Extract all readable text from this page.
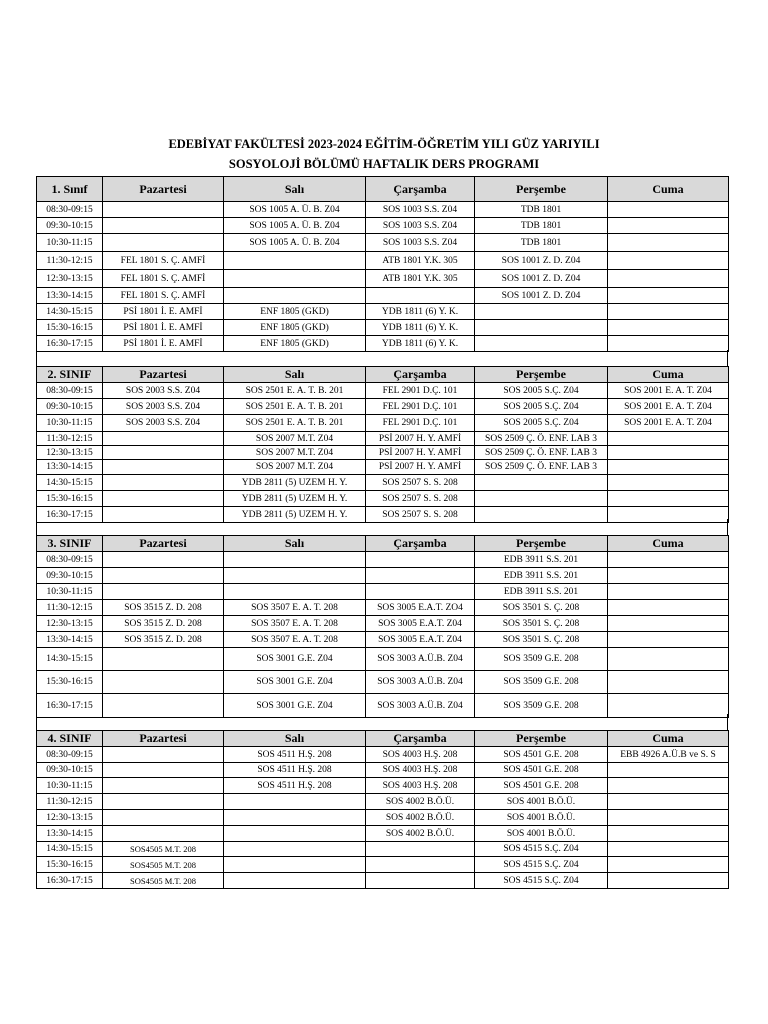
EDEBİYAT FAKÜLTESİ 2023-2024 EĞİTİM-ÖĞRETİM YILI GÜZ YARIYILI
SOSYOLOJİ BÖLÜMÜ HAFTALIK DERS PROGRAMI
1. Sınıf	Pazartesi	Salı	Çarşamba	Perşembe	Cuma
08:30-09:15		SOS 1005 A. Ü. B. Z04	SOS 1003 S.S. Z04	TDB 1801	
09:30-10:15		SOS 1005 A. Ü. B. Z04	SOS 1003 S.S. Z04	TDB 1801	
10:30-11:15		SOS 1005 A. Ü. B. Z04	SOS 1003 S.S. Z04	TDB 1801	
11:30-12:15	FEL 1801 S. Ç. AMFİ		ATB 1801 Y.K. 305	SOS 1001 Z. D. Z04	
12:30-13:15	FEL 1801 S. Ç. AMFİ		ATB 1801 Y.K. 305	SOS 1001 Z. D. Z04	
13:30-14:15	FEL 1801 S. Ç. AMFİ			SOS 1001 Z. D. Z04	
14:30-15:15	PSİ 1801 İ. E. AMFİ	ENF 1805 (GKD)	YDB 1811 (6) Y. K.		
15:30-16:15	PSİ 1801 İ. E. AMFİ	ENF 1805 (GKD)	YDB 1811 (6) Y. K.		
16:30-17:15	PSİ 1801 İ. E. AMFİ	ENF 1805 (GKD)	YDB 1811 (6) Y. K.		
2. SINIF	Pazartesi	Salı	Çarşamba	Perşembe	Cuma
08:30-09:15	SOS 2003 S.S. Z04	SOS 2501 E. A. T. B. 201	FEL 2901 D.Ç. 101	SOS 2005 S.Ç. Z04	SOS 2001 E. A. T. Z04
09:30-10:15	SOS 2003 S.S. Z04	SOS 2501 E. A. T. B. 201	FEL 2901 D.Ç. 101	SOS 2005 S.Ç. Z04	SOS 2001 E. A. T. Z04
10:30-11:15	SOS 2003 S.S. Z04	SOS 2501 E. A. T. B. 201	FEL 2901 D.Ç. 101	SOS 2005 S.Ç. Z04	SOS 2001 E. A. T. Z04
11:30-12:15		SOS 2007 M.T. Z04	PSİ 2007 H. Y. AMFİ	SOS 2509 Ç. Ö. ENF. LAB 3	
12:30-13:15		SOS 2007 M.T. Z04	PSİ 2007 H. Y. AMFİ	SOS 2509 Ç. Ö. ENF. LAB 3	
13:30-14:15		SOS 2007 M.T. Z04	PSİ 2007 H. Y. AMFİ	SOS 2509 Ç. Ö. ENF. LAB 3	
14:30-15:15		YDB 2811 (5) UZEM H. Y.	SOS 2507 S. S. 208		
15:30-16:15		YDB 2811 (5) UZEM H. Y.	SOS 2507 S. S. 208		
16:30-17:15		YDB 2811 (5) UZEM H. Y.	SOS 2507 S. S. 208		
3. SINIF	Pazartesi	Salı	Çarşamba	Perşembe	Cuma
08:30-09:15				EDB 3911 S.S. 201	
09:30-10:15				EDB 3911 S.S. 201	
10:30-11:15				EDB 3911 S.S. 201	
11:30-12:15	SOS 3515 Z. D. 208	SOS 3507 E. A. T. 208	SOS 3005 E.A.T. ZO4	SOS 3501 S. Ç. 208	
12:30-13:15	SOS 3515 Z. D. 208	SOS 3507 E. A. T. 208	SOS 3005 E.A.T. Z04	SOS 3501 S. Ç. 208	
13:30-14:15	SOS 3515 Z. D. 208	SOS 3507 E. A. T. 208	SOS 3005 E.A.T. Z04	SOS 3501 S. Ç. 208	
14:30-15:15		SOS 3001 G.E. Z04	SOS 3003 A.Ü.B. Z04	SOS 3509 G.E. 208	
15:30-16:15		SOS 3001 G.E. Z04	SOS 3003 A.Ü.B. Z04	SOS 3509 G.E. 208	
16:30-17:15		SOS 3001 G.E. Z04	SOS 3003 A.Ü.B. Z04	SOS 3509 G.E. 208	
4. SINIF	Pazartesi	Salı	Çarşamba	Perşembe	Cuma
08:30-09:15		SOS 4511 H.Ş. 208	SOS 4003 H.Ş. 208	SOS 4501 G.E. 208	EBB 4926 A.Ü.B ve S. S
09:30-10:15		SOS 4511 H.Ş. 208	SOS 4003 H.Ş. 208	SOS 4501 G.E. 208	
10:30-11:15		SOS 4511 H.Ş. 208	SOS 4003 H.Ş. 208	SOS 4501 G.E. 208	
11:30-12:15			SOS 4002 B.Ö.Ü.	SOS 4001 B.Ö.Ü.	
12:30-13:15			SOS 4002 B.Ö.Ü.	SOS 4001 B.Ö.Ü.	
13:30-14:15			SOS 4002 B.Ö.Ü.	SOS 4001 B.Ö.Ü.	
14:30-15:15	SOS4505 M.T. 208			SOS 4515 S.Ç. Z04	
15:30-16:15	SOS4505 M.T. 208			SOS 4515 S.Ç. Z04	
16:30-17:15	SOS4505 M.T. 208			SOS 4515 S.Ç. Z04	
